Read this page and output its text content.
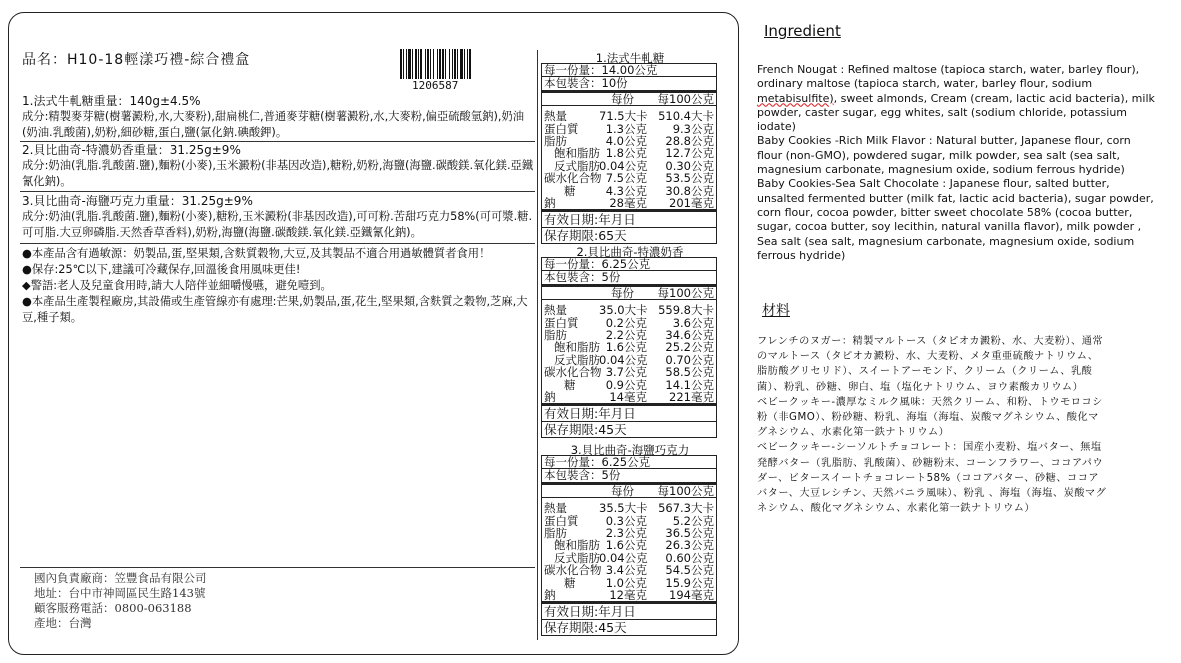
品名：H10-18輕漾巧禮-綜合禮盒
1206587
1.法式牛軋糖重量：140g±4.5%
成分:精製麥芽糖(樹薯澱粉,水,大麥粉),甜扁桃仁,普通麥芽糖(樹薯澱粉,水,大麥粉,偏亞硫酸氫鈉),奶油(奶油.乳酸菌),奶粉,細砂糖,蛋白,鹽(氯化鈉.碘酸鉀)。
2.貝比曲奇-特濃奶香重量：31.25g±9%
成分:奶油(乳脂.乳酸菌.鹽),麵粉(小麥),玉米澱粉(非基因改造),糖粉,奶粉,海鹽(海鹽.碳酸鎂.氧化鎂.亞鐵氰化鈉)。
3.貝比曲奇-海鹽巧克力重量：31.25g±9%
成分:奶油(乳脂.乳酸菌.鹽),麵粉(小麥),糖粉,玉米澱粉(非基因改造),可可粉.苦甜巧克力58%(可可漿.糖.可可脂.大豆卵磷脂.天然香草香料),奶粉,海鹽(海鹽.碳酸鎂.氧化鎂.亞鐵氰化鈉)。
●本產品含有過敏源：奶製品,蛋,堅果類,含麩質穀物,大豆,及其製品不適合用過敏體質者食用！
●保存:25℃以下,建議可冷藏保存,回溫後食用風味更佳!
◆警語:老人及兒童食用時,請大人陪伴並細嚼慢嚥，避免噎到。
●本產品生產製程廠房,其設備或生產管線亦有處理:芒果,奶製品,蛋,花生,堅果類,含麩質之穀物,芝麻,大豆,種子類。
國內負責廠商：笠豐食品有限公司
地址：台中市神岡區民生路143號
顧客服務電話：0800-063188
產地：台灣
1.法式牛軋糖
每一份量：14.00公克
本包裝含：10份
每份	每100公克
熱量	71.5大卡 510.4大卡
蛋白質	1.3公克	9.3公克
脂肪	4.0公克	28.8公克
飽和脂肪 1.8公克	12.7公克
反式脂肪 0.04公克	0.30公克
碳水化合物 7.5公克	53.5公克
糖	4.3公克	30.8公克
鈉	28毫克	201毫克
有效日期:年月日
保存期限:65天
2.貝比曲奇-特濃奶香
每一份量：6.25公克
本包裝含：5份
每份	每100公克
熱量	35.0大卡 559.8大卡
蛋白質	0.2公克	3.6公克
脂肪	2.2公克	34.6公克
飽和脂肪 1.6公克	25.2公克
反式脂肪 0.04公克	0.70公克
碳水化合物 3.7公克	58.5公克
糖	0.9公克	14.1公克
鈉	14毫克	221毫克
有效日期:年月日
保存期限:45天
3.貝比曲奇-海鹽巧克力
每一份量：6.25公克
本包裝含：5份
每份	每100公克
熱量	35.5大卡 567.3大卡
蛋白質	0.3公克	5.2公克
脂肪	2.3公克	36.5公克
飽和脂肪 1.6公克	26.3公克
反式脂肪 0.04公克	0.60公克
碳水化合物 3.4公克	54.5公克
糖	1.0公克	15.9公克
鈉	12毫克	194毫克
有效日期:年月日
保存期限:45天
Ingredient
French Nougat : Refined maltose (tapioca starch, water, barley flour), ordinary maltose (tapioca starch, water, barley flour, sodium metabisulfite), sweet almonds, Cream (cream, lactic acid bacteria), milk powder, caster sugar, egg whites, salt (sodium chloride, potassium iodate)
Baby Cookies -Rich Milk Flavor : Natural butter, Japanese flour, corn flour (non-GMO), powdered sugar, milk powder, sea salt (sea salt, magnesium carbonate, magnesium oxide, sodium ferrous hydride)
Baby Cookies-Sea Salt Chocolate : Japanese flour, salted butter, unsalted fermented butter (milk fat, lactic acid bacteria), sugar powder, corn flour, cocoa powder, bitter sweet chocolate 58% (cocoa butter, sugar, cocoa butter, soy lecithin, natural vanilla flavor), milk powder , Sea salt (sea salt, magnesium carbonate, magnesium oxide, sodium ferrous hydride)
材料
フレンチのヌガー：精製マルトース（タピオカ澱粉、水、大麦粉）、通常のマルトース（タピオカ澱粉、水、大麦粉、メタ重亜硫酸ナトリウム、脂肪酸グリセリド）、スイートアーモンド、クリーム（クリーム、乳酸菌）、粉乳、砂糖、卵白、塩（塩化ナトリウム、ヨウ素酸カリウム）
ベビークッキー-濃厚なミルク風味：天然クリーム、和粉、トウモロコシ粉（非GMO）、粉砂糖、粉乳、海塩（海塩、炭酸マグネシウム、酸化マグネシウム、水素化第一鉄ナトリウム）
ベビークッキー-シーソルトチョコレート：国産小麦粉、塩バター、無塩発酵バター（乳脂肪、乳酸菌）、砂糖粉末、コーンフラワー、ココアパウダー、ビタースイートチョコレート58%（ココアバター、砂糖、ココアバター、大豆レシチン、天然バニラ風味）、粉乳 、海塩（海塩、炭酸マグネシウム、酸化マグネシウム、水素化第一鉄ナトリウム）
